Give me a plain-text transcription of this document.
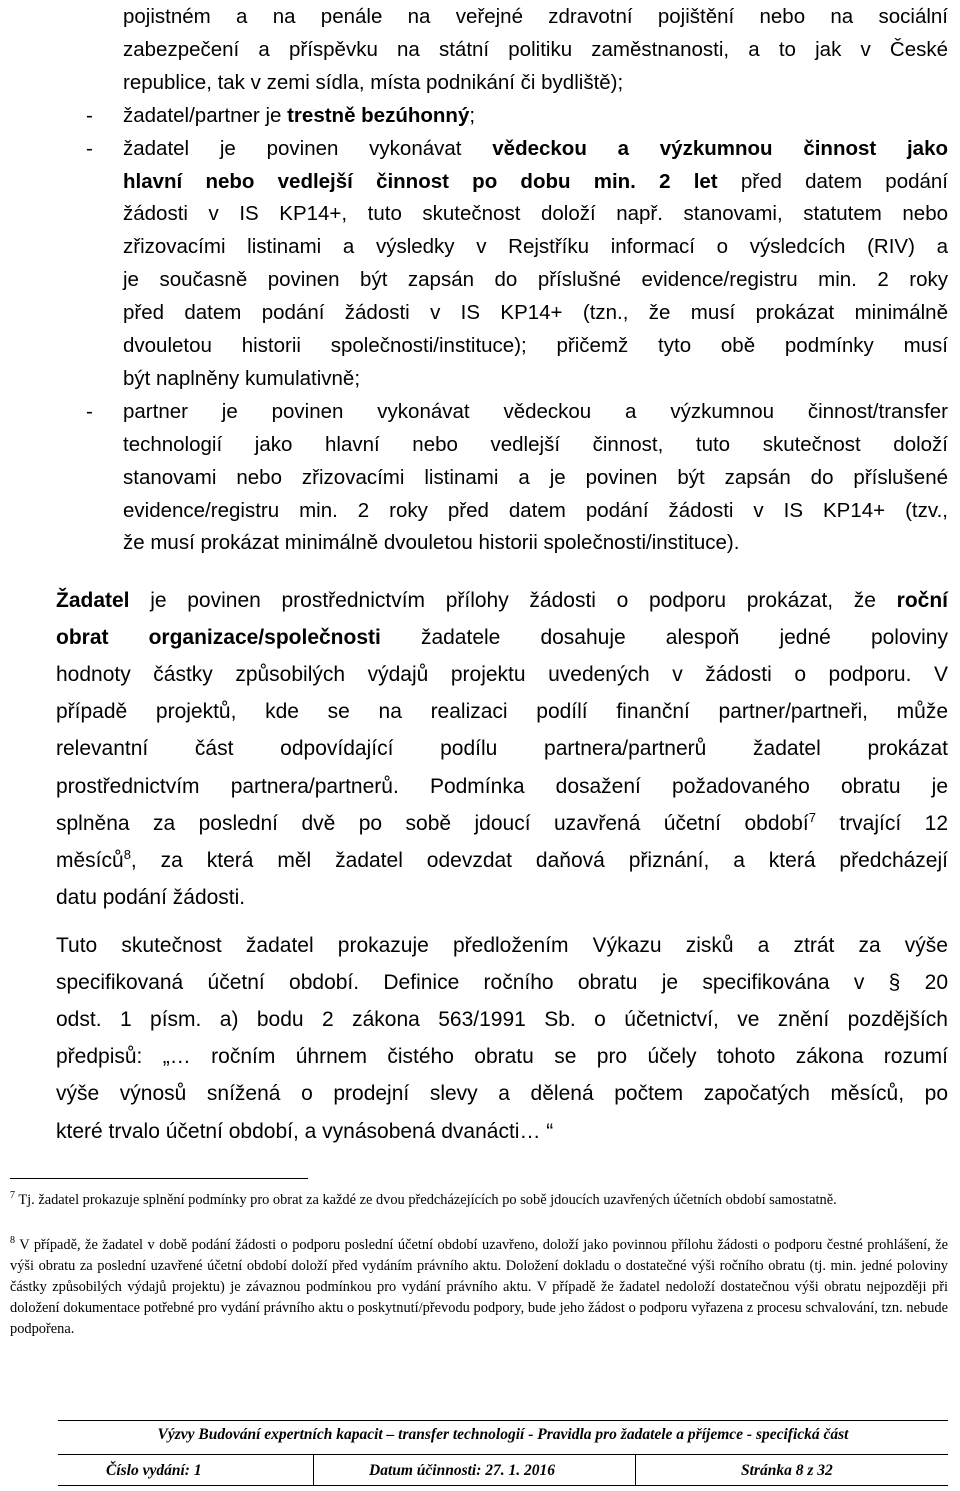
pojistném a na penále na veřejné zdravotní pojištění nebo na sociální
zabezpečení a příspěvku na státní politiku zaměstnanosti, a to jak v České
republice, tak v zemi sídla, místa podnikání či bydliště);
- žadatel/partner je trestně bezúhonný;
- žadatel je povinen vykonávat vědeckou a výzkumnou činnost jako
hlavní nebo vedlejší činnost po dobu min. 2 let před datem podání
žádosti v IS KP14+, tuto skutečnost doloží např. stanovami, statutem nebo
zřizovacími listinami a výsledky v Rejstříku informací o výsledcích (RIV) a
je současně povinen být zapsán do příslušné evidence/registru min. 2 roky
před datem podání žádosti v IS KP14+ (tzn., že musí prokázat minimálně
dvouletou historii společnosti/instituce); přičemž tyto obě podmínky musí
být naplněny kumulativně;
- partner je povinen vykonávat vědeckou a výzkumnou činnost/transfer
technologií jako hlavní nebo vedlejší činnost, tuto skutečnost doloží
stanovami nebo zřizovacími listinami a je povinen být zapsán do příslušené
evidence/registru min. 2 roky před datem podání žádosti v IS KP14+ (tzv.,
že musí prokázat minimálně dvouletou historii společnosti/instituce).
Žadatel je povinen prostřednictvím přílohy žádosti o podporu prokázat, že roční
obrat organizace/společnosti žadatele dosahuje alespoň jedné poloviny
hodnoty částky způsobilých výdajů projektu uvedených v žádosti o podporu. V
případě projektů, kde se na realizaci podílí finanční partner/partneři, může
relevantní část odpovídající podílu partnera/partnerů žadatel prokázat
prostřednictvím partnera/partnerů. Podmínka dosažení požadovaného obratu je
splněna za poslední dvě po sobě jdoucí uzavřená účetní období$^7$ trvající 12
měsíců$^8$, za která měl žadatel odevzdat daňová přiznání, a která předcházejí
datu podání žádosti.
Tuto skutečnost žadatel prokazuje předložením Výkazu zisků a ztrát za výše
specifikovaná účetní období. Definice ročního obratu je specifikována v § 20
odst. 1 písm. a) bodu 2 zákona 563/1991 Sb. o účetnictví, ve znění pozdějších
předpisů: „… ročním úhrnem čistého obratu se pro účely tohoto zákona rozumí
výše výnosů snížená o prodejní slevy a dělená počtem započatých měsíců, po
které trvalo účetní období, a vynásobená dvanácti… “
$^7$ Tj. žadatel prokazuje splnění podmínky pro obrat za každé ze dvou předcházejících po sobě jdoucích uzavřených účetních období samostatně.
$^8$ V případě, že žadatel v době podání žádosti o podporu poslední účetní období uzavřeno, doloží jako povinnou přílohu žádosti o podporu čestné prohlášení, že výši obratu za poslední uzavřené účetní období doloží před vydáním právního aktu. Doložení dokladu o dostatečné výši ročního obratu (tj. min. jedné poloviny částky způsobilých výdajů projektu) je závaznou podmínkou pro vydání právního aktu. V případě že žadatel nedoloží dostatečnou výši obratu nejpozději při doložení dokumentace potřebné pro vydání právního aktu o poskytnutí/převodu podpory, bude jeho žádost o podporu vyřazena z procesu schvalování, tzn. nebude podpořena.
Výzvy Budování expertních kapacit – transfer technologií - Pravidla pro žadatele a příjemce - specifická část
Číslo vydání: 1	Datum účinnosti: 27. 1. 2016	Stránka 8 z 32
